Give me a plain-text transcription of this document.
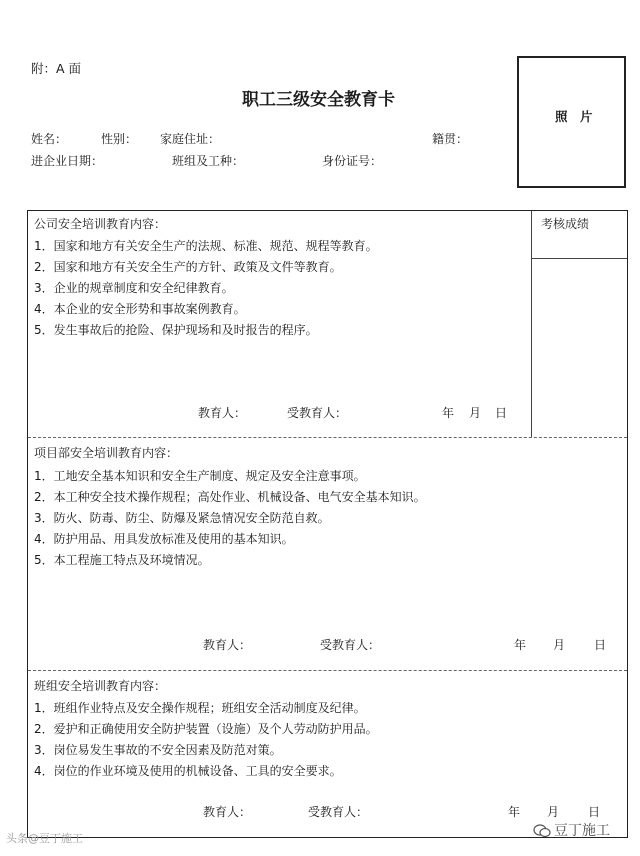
附：A 面
职工三级安全教育卡
照　片
姓名：	性别： 家庭住址：	籍贯：
进企业日期：	班组及工种：	身份证号：
考核成绩
公司安全培训教育内容：
1．国家和地方有关安全生产的法规、标准、规范、规程等教育。
2．国家和地方有关安全生产的方针、政策及文件等教育。
3．企业的规章制度和安全纪律教育。
4．本企业的安全形势和事故案例教育。
5．发生事故后的抢险、保护现场和及时报告的程序。
教育人：	受教育人：	年 月 日
项目部安全培训教育内容：
1．工地安全基本知识和安全生产制度、规定及安全注意事项。
2．本工种安全技术操作规程；高处作业、机械设备、电气安全基本知识。
3．防火、防毒、防尘、防爆及紧急情况安全防范自救。
4．防护用品、用具发放标准及使用的基本知识。
5．本工程施工特点及环境情况。
教育人：	受教育人：	年 月 日
班组安全培训教育内容：
1．班组作业特点及安全操作规程；班组安全活动制度及纪律。
2．爱护和正确使用安全防护装置（设施）及个人劳动防护用品。
3．岗位易发生事故的不安全因素及防范对策。
4．岗位的作业环境及使用的机械设备、工具的安全要求。
教育人：	受教育人：	年 月 日
头条@豆丁施工	豆丁施工
